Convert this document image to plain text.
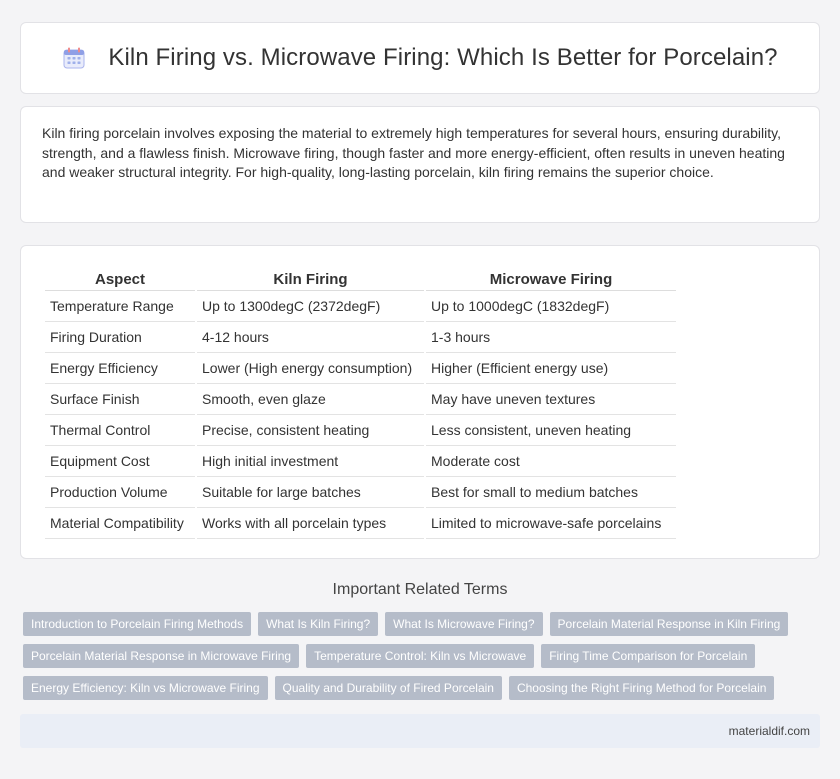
Kiln Firing vs. Microwave Firing: Which Is Better for Porcelain?

Kiln firing porcelain involves exposing the material to extremely high temperatures for several hours, ensuring durability, strength, and a flawless finish. Microwave firing, though faster and more energy-efficient, often results in uneven heating and weaker structural integrity. For high-quality, long-lasting porcelain, kiln firing remains the superior choice.

Aspect	Kiln Firing	Microwave Firing
Temperature Range	Up to 1300degC (2372degF)	Up to 1000degC (1832degF)
Firing Duration	4-12 hours	1-3 hours
Energy Efficiency	Lower (High energy consumption)	Higher (Efficient energy use)
Surface Finish	Smooth, even glaze	May have uneven textures
Thermal Control	Precise, consistent heating	Less consistent, uneven heating
Equipment Cost	High initial investment	Moderate cost
Production Volume	Suitable for large batches	Best for small to medium batches
Material Compatibility	Works with all porcelain types	Limited to microwave-safe porcelains
Important Related Terms
Introduction to Porcelain Firing Methods	What Is Kiln Firing?	What Is Microwave Firing?	Porcelain Material Response in Kiln Firing
Porcelain Material Response in Microwave Firing	Temperature Control: Kiln vs Microwave	Firing Time Comparison for Porcelain
Energy Efficiency: Kiln vs Microwave Firing	Quality and Durability of Fired Porcelain	Choosing the Right Firing Method for Porcelain
materialdif.com
